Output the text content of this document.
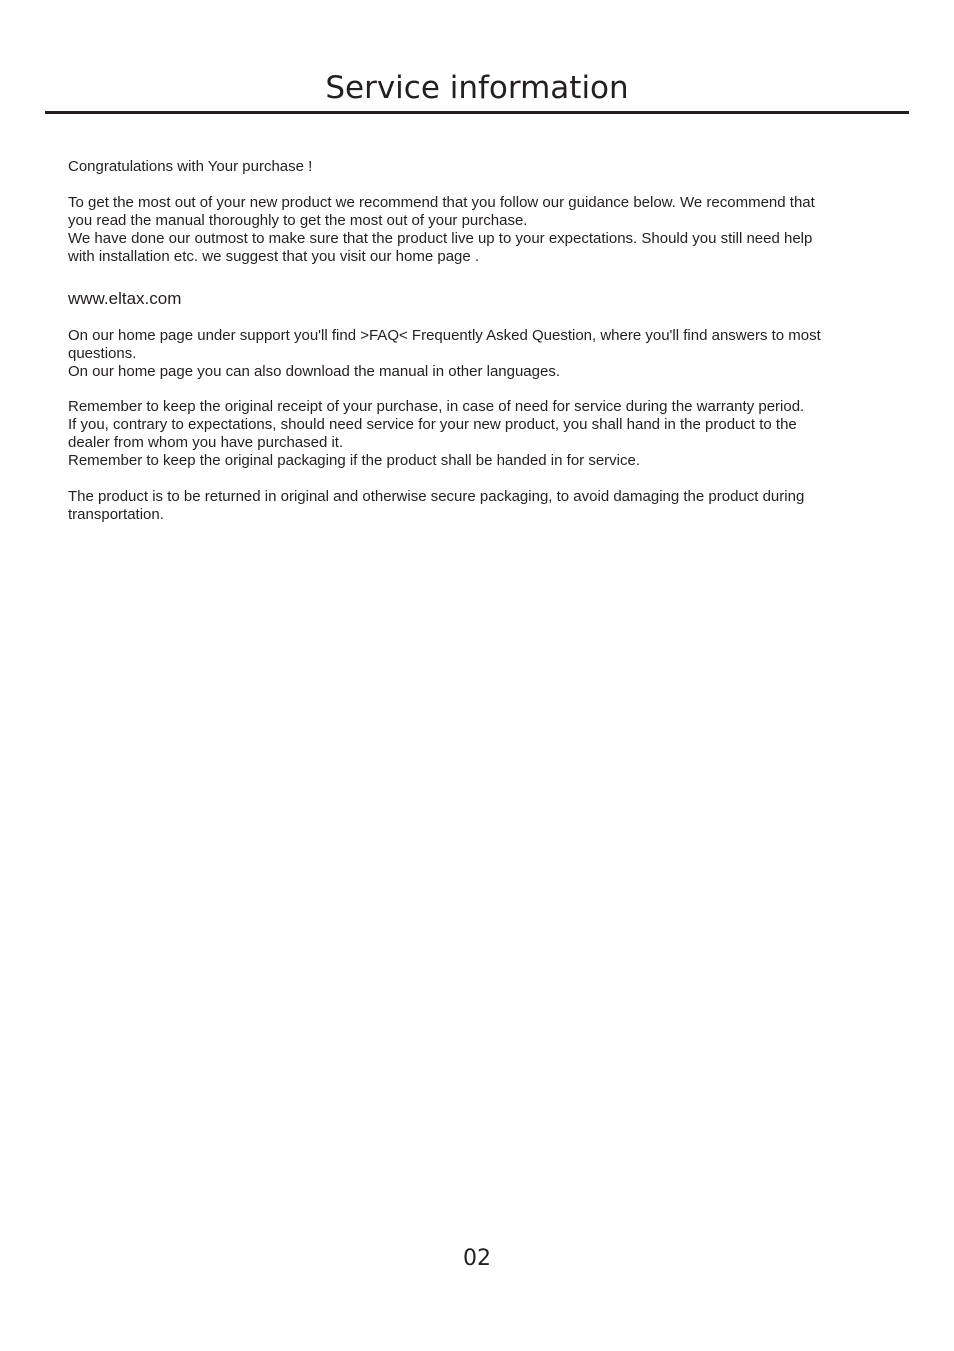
Service information

Congratulations with Your purchase !

To get the most out of your new product we recommend that you follow our guidance below. We recommend that
you read the manual thoroughly to get the most out of your purchase.
We have done our outmost to make sure that the product live up to your expectations. Should you still need help
with installation etc. we suggest that you visit our home page .

www.eltax.com

On our home page under support you'll find >FAQ< Frequently Asked Question, where you'll find answers to most
questions.
On our home page you can also download the manual in other languages.

Remember to keep the original receipt of your purchase, in case of need for service during the warranty period.
If you, contrary to expectations, should need service for your new product, you shall hand in the product to the
dealer from whom you have purchased it.
Remember to keep the original packaging if the product shall be handed in for service.

The product is to be returned in original and otherwise secure packaging, to avoid damaging the product during
transportation.

02
